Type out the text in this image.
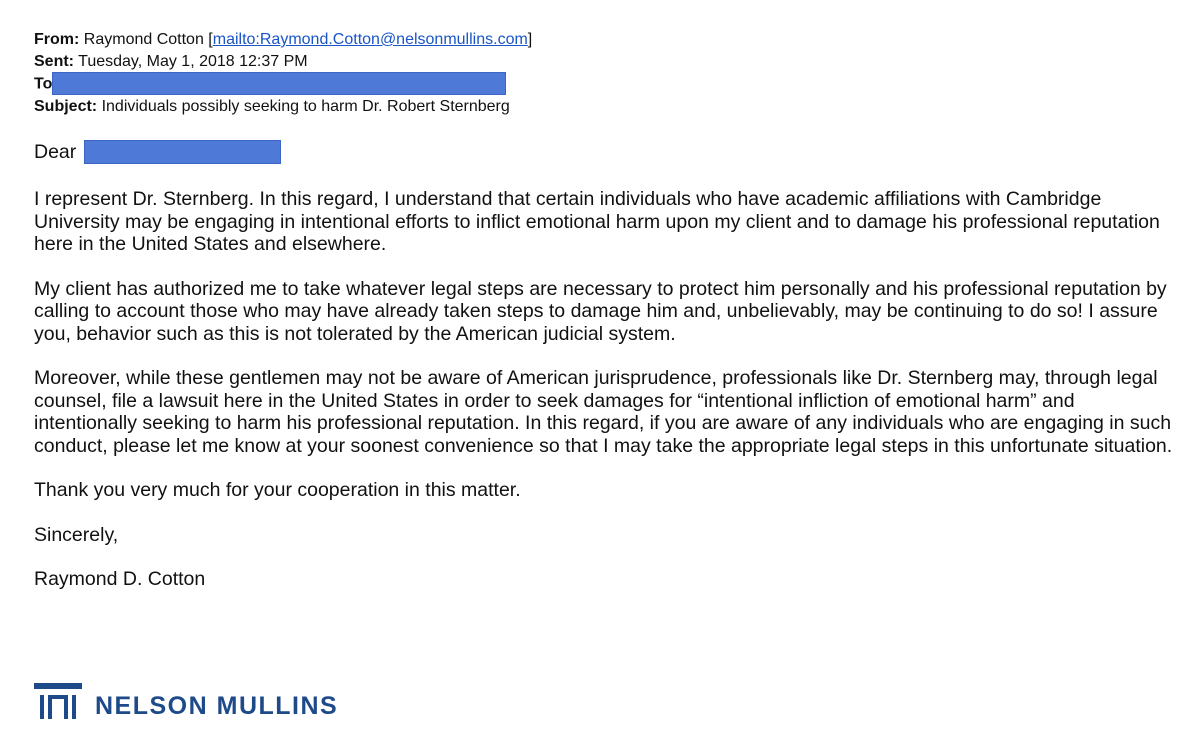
From: Raymond Cotton [mailto:Raymond.Cotton@nelsonmullins.com]
Sent: Tuesday, May 1, 2018 12:37 PM
To
Subject: Individuals possibly seeking to harm Dr. Robert Sternberg
Dear

I represent Dr. Sternberg. In this regard, I understand that certain individuals who have academic affiliations with Cambridge University may be engaging in intentional efforts to inflict emotional harm upon my client and to damage his professional reputation here in the United States and elsewhere.

My client has authorized me to take whatever legal steps are necessary to protect him personally and his professional reputation by calling to account those who may have already taken steps to damage him and, unbelievably, may be continuing to do so! I assure you, behavior such as this is not tolerated by the American judicial system.

Moreover, while these gentlemen may not be aware of American jurisprudence, professionals like Dr. Sternberg may, through legal counsel, file a lawsuit here in the United States in order to seek damages for “intentional infliction of emotional harm” and intentionally seeking to harm his professional reputation. In this regard, if you are aware of any individuals who are engaging in such conduct, please let me know at your soonest convenience so that I may take the appropriate legal steps in this unfortunate situation.

Thank you very much for your cooperation in this matter.

Sincerely,

Raymond D. Cotton

NELSON MULLINS
